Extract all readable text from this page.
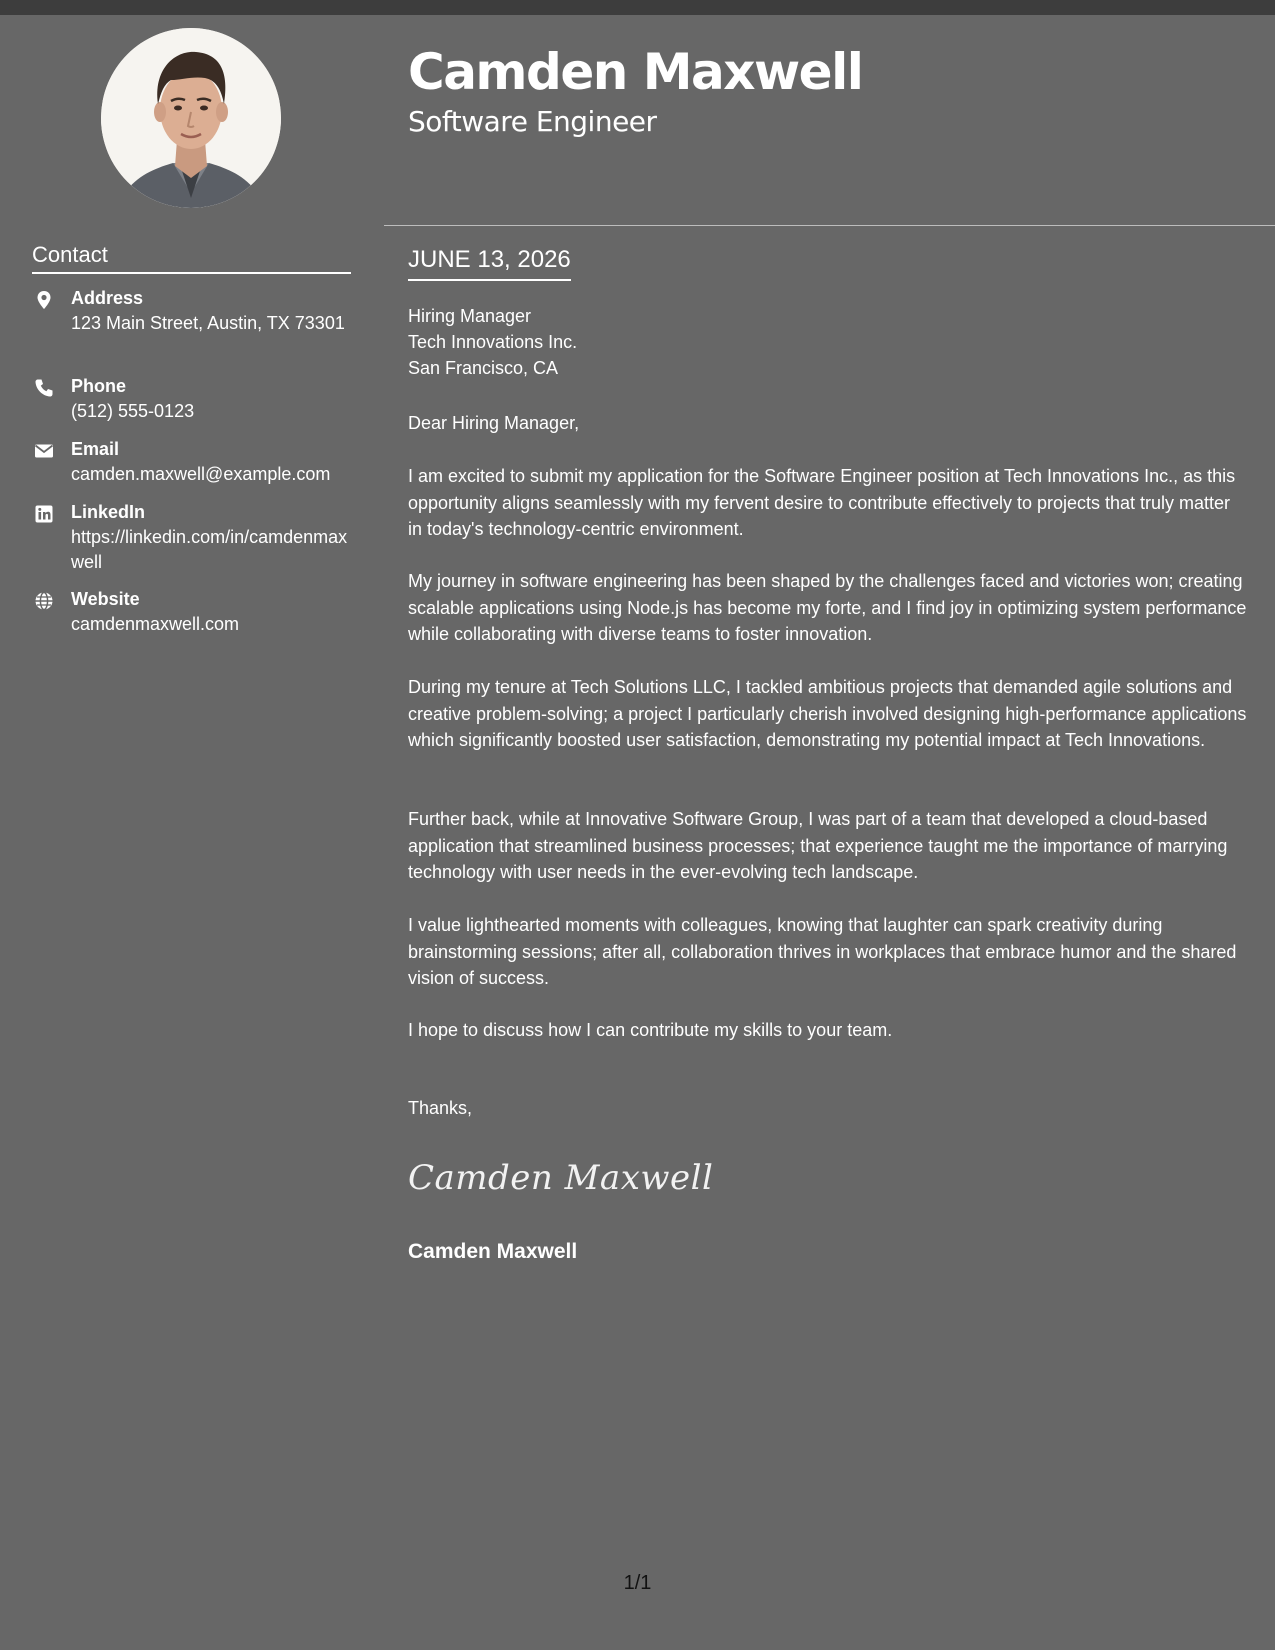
Camden Maxwell
Software Engineer
Contact
Address
123 Main Street, Austin, TX 73301
Phone
(512) 555-0123
Email
camden.maxwell@example.com
LinkedIn
https://linkedin.com/in/camdenmaxwell
Website
camdenmaxwell.com
JUNE 13, 2026
Hiring Manager
Tech Innovations Inc.
San Francisco, CA
Dear Hiring Manager,
I am excited to submit my application for the Software Engineer position at Tech Innovations Inc., as this opportunity aligns seamlessly with my fervent desire to contribute effectively to projects that truly matter in today's technology-centric environment.
My journey in software engineering has been shaped by the challenges faced and victories won; creating scalable applications using Node.js has become my forte, and I find joy in optimizing system performance while collaborating with diverse teams to foster innovation.
During my tenure at Tech Solutions LLC, I tackled ambitious projects that demanded agile solutions and creative problem-solving; a project I particularly cherish involved designing high-performance applications which significantly boosted user satisfaction, demonstrating my potential impact at Tech Innovations.
Further back, while at Innovative Software Group, I was part of a team that developed a cloud-based application that streamlined business processes; that experience taught me the importance of marrying technology with user needs in the ever-evolving tech landscape.
I value lighthearted moments with colleagues, knowing that laughter can spark creativity during brainstorming sessions; after all, collaboration thrives in workplaces that embrace humor and the shared vision of success.
I hope to discuss how I can contribute my skills to your team.
Thanks,
Camden Maxwell
Camden Maxwell
1/1
